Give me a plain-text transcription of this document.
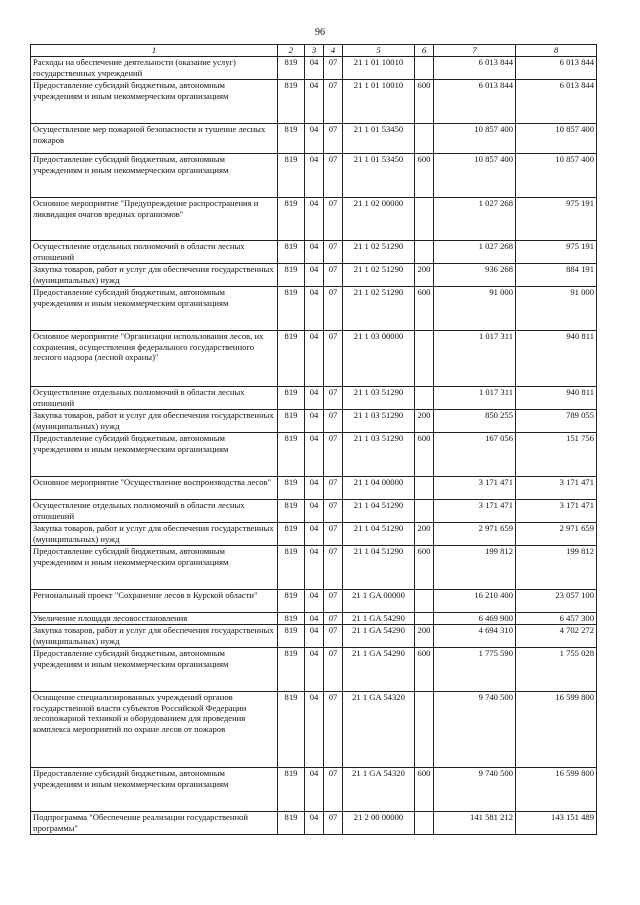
96
1	2	3	4	5	6	7	8
Расходы на обеспечение деятельности (оказание услуг) государственных учреждений	819	04	07	21 1 01 10010		6 013 844	6 013 844
Предоставление субсидий бюджетным, автономным учреждениям и иным некоммерческим организациям	819	04	07	21 1 01 10010	600	6 013 844	6 013 844
Осуществление мер пожарной безопасности и тушение лесных пожаров	819	04	07	21 1 01 53450		10 857 400	10 857 400
Предоставление субсидий бюджетным, автономным учреждениям и иным некоммерческим организациям	819	04	07	21 1 01 53450	600	10 857 400	10 857 400
Основное мероприятие "Предупреждение распространения и ликвидация очагов вредных организмов"	819	04	07	21 1 02 00000		1 027 268	975 191
Осуществление отдельных полномочий в области лесных отношений	819	04	07	21 1 02 51290		1 027 268	975 191
Закупка товаров, работ и услуг для обеспечения государственных (муниципальных) нужд	819	04	07	21 1 02 51290	200	936 268	884 191
Предоставление субсидий бюджетным, автономным учреждениям и иным некоммерческим организациям	819	04	07	21 1 02 51290	600	91 000	91 000
Основное мероприятие "Организация использования лесов, их сохранения, осуществления федерального государственного лесного надзора (лесной охраны)"	819	04	07	21 1 03 00000		1 017 311	940 811
Осуществление отдельных полномочий в области лесных отношений	819	04	07	21 1 03 51290		1 017 311	940 811
Закупка товаров, работ и услуг для обеспечения государственных (муниципальных) нужд	819	04	07	21 1 03 51290	200	850 255	789 055
Предоставление субсидий бюджетным, автономным учреждениям и иным некоммерческим организациям	819	04	07	21 1 03 51290	600	167 056	151 756
Основное мероприятие "Осуществление воспроизводства лесов"	819	04	07	21 1 04 00000		3 171 471	3 171 471
Осуществление отдельных полномочий в области лесных отношений	819	04	07	21 1 04 51290		3 171 471	3 171 471
Закупка товаров, работ и услуг для обеспечения государственных (муниципальных) нужд	819	04	07	21 1 04 51290	200	2 971 659	2 971 659
Предоставление субсидий бюджетным, автономным учреждениям и иным некоммерческим организациям	819	04	07	21 1 04 51290	600	199 812	199 812
Региональный проект "Сохранение лесов в Курской области"	819	04	07	21 1 GA 00000		16 210 400	23 057 100
Увеличение площади лесовосстановления	819	04	07	21 1 GA 54290		6 469 900	6 457 300
Закупка товаров, работ и услуг для обеспечения государственных (муниципальных) нужд	819	04	07	21 1 GA 54290	200	4 694 310	4 702 272
Предоставление субсидий бюджетным, автономным учреждениям и иным некоммерческим организациям	819	04	07	21 1 GA 54290	600	1 775 590	1 755 028
Оснащение специализированных учреждений органов государственной власти субъектов Российской Федерации лесопожарной техникой и оборудованием для проведения комплекса мероприятий по охране лесов от пожаров	819	04	07	21 1 GA 54320		9 740 500	16 599 800
Предоставление субсидий бюджетным, автономным учреждениям и иным некоммерческим организациям	819	04	07	21 1 GA 54320	600	9 740 500	16 599 800
Подпрограмма "Обеспечение реализации государственной программы"	819	04	07	21 2 00 00000		141 581 212	143 151 489
